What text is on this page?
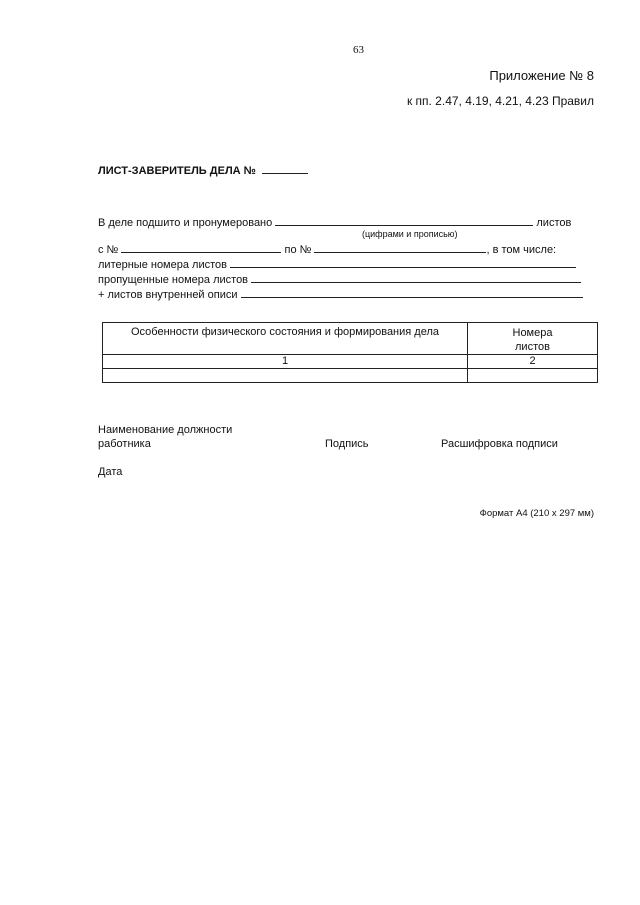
63
Приложение № 8
к пп. 2.47, 4.19, 4.21, 4.23 Правил
ЛИСТ-ЗАВЕРИТЕЛЬ ДЕЛА №
В деле подшито и пронумеровано	листов
(цифрами и прописью)
с №	по №	, в том числе:
литерные номера листов
пропущенные номера листов
+ листов внутренней описи
Особенности физического состояния и формирования дела	Номера листов

1	2

Наименование должности
работника	Подпись	Расшифровка подписи
Дата
Формат А4 (210 х 297 мм)
